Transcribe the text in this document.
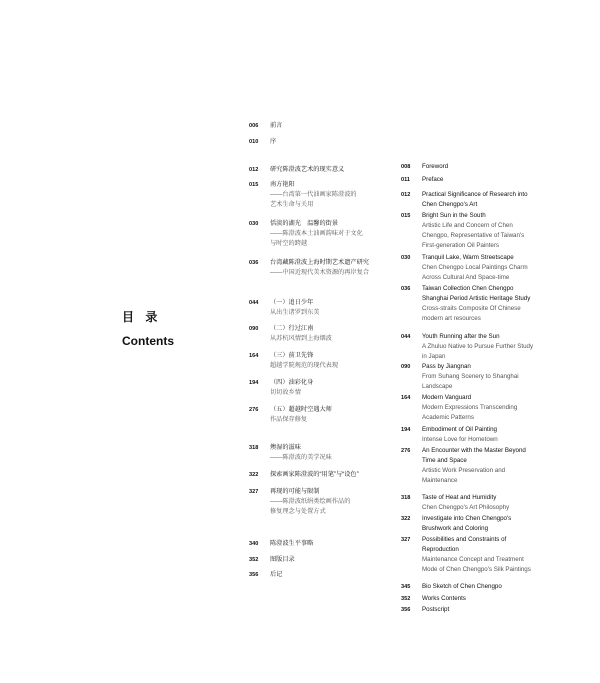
目 录
Contents
006 前言
010 序
012 研究陈澄波艺术的现实意义
015 南方艳阳
——台湾第一代油画家陈澄波的
艺术生命与关用
030 恬淡的湖光　温馨的街景
——陈澄波本土油画韵味对于文化
与时空的跨越
036 台湾藏陈澄波上海时期艺术遗产研究
——中国近现代美术资源的再岸复合
044 （一）追日少年
从出生诸罗到东美
090 （二）行过江南
从苏杭风情到上海烟波
164 （三）前卫先锋
超越学院规范的现代表现
194 （四）油彩化身
切切故乡情
276 （五）超越时空遇大师
作品保存修复
318 燠湿的滋味
——陈澄波的美学况味
322 探索画家陈澄波的“用笔”与“设色”
327 再现的可能与限制
——陈澄波纸绢类绘画作品的
修复理念与处置方式
340 陈澄波生平事略
352 图版目录
356 后记
008 Foreword
011 Preface
012 Practical Significance of Research into
Chen Chengpo's Art
015 Bright Sun in the South
Artistic Life and Concern of Chen
Chengpo, Representative of Taiwan's
First-generation Oil Painters
030 Tranquil Lake, Warm Streetscape
Chen Chengpo Local Paintings Charm
Across Cultural And Space-time
036 Taiwan Collection Chen Chengpo
Shanghai Period Artistic Heritage Study
Cross-straits Composite Of Chinese
modern art resources
044 Youth Running after the Sun
A Zhuluo Native to Pursue Further Study
in Japan
090 Pass by Jiangnan
From Suhang Scenery to Shanghai
Landscape
164 Modern Vanguard
Modern Expressions Transcending
Academic Patterns
194 Embodiment of Oil Painting
Intense Love for Hometown
276 An Encounter with the Master Beyond
Time and Space
Artistic Work Preservation and
Maintenance
318 Taste of Heat and Humidity
Chen Chengpo's Art Philosophy
322 Investigate into Chen Chengpo's
Brushwork and Coloring
327 Possibilities and Constraints of
Reproduction
Maintenance Concept and Treatment
Mode of Chen Chengpo's Silk Paintings
345 Bio Sketch of Chen Chengpo
352 Works Contents
356 Postscript
